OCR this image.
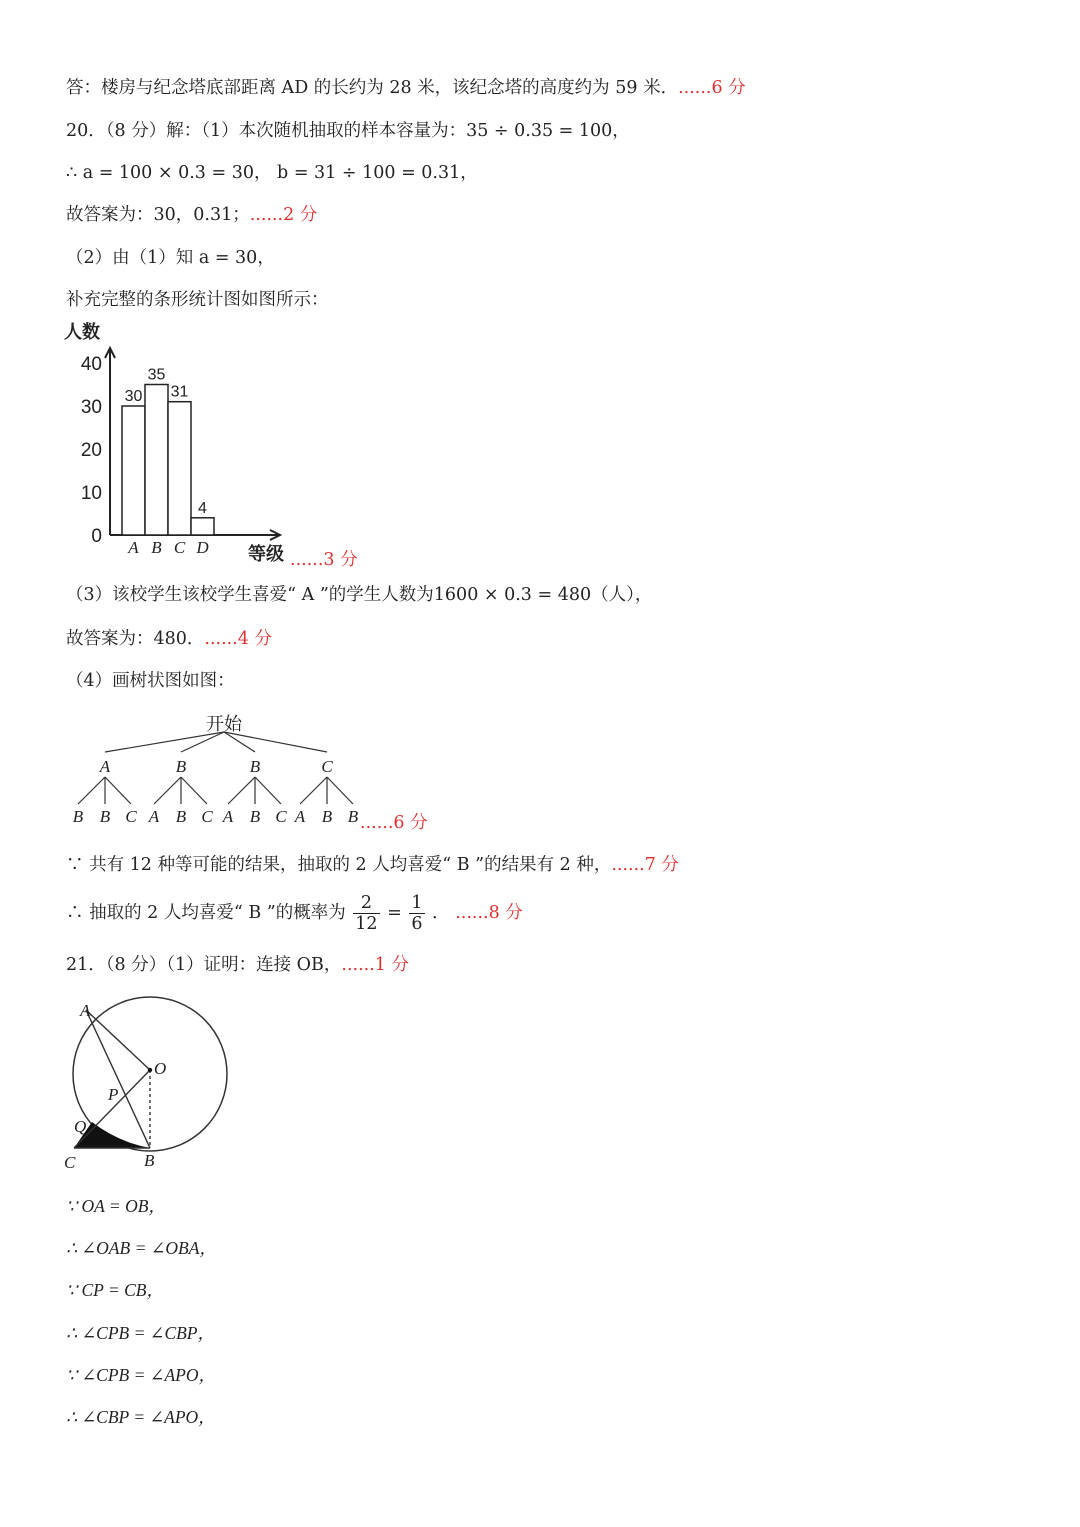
答：楼房与纪念塔底部距离 AD 的长约为 28 米，该纪念塔的高度约为 59 米．......6 分
20．（8 分）解：（1）本次随机抽取的样本容量为：35 ÷ 0.35 = 100，
∴ a = 100 × 0.3 = 30， b = 31 ÷ 100 = 0.31，
故答案为：30，0.31；......2 分
（2）由（1）知 a = 30，
补充完整的条形统计图如图所示：
人数
0
10
20
30
40
30
A
35
B
31
C
4
D 等级 ......3 分
（3）该校学生该校学生喜爱“ A ”的学生人数为1600 × 0.3 = 480（人），
故答案为：480．......4 分
（4）画树状图如图：
开始
A
B B C
B
A B C
B
A B C
C
A B B ......6 分
∵ 共有 12 种等可能的结果，抽取的 2 人均喜爱“ B ”的结果有 2 种，......7 分
∴ 抽取的 2 人均喜爱“ B ”的概率为 $\frac{2}{12} = \frac{1}{6}$ ． ......8 分
21．（8 分）（1）证明：连接 OB，......1 分
A
O
P
Q
C	B
∵ OA = OB，
∴ ∠OAB = ∠OBA，
∵ CP = CB，
∴ ∠CPB = ∠CBP，
∵ ∠CPB = ∠APO，
∴ ∠CBP = ∠APO，
